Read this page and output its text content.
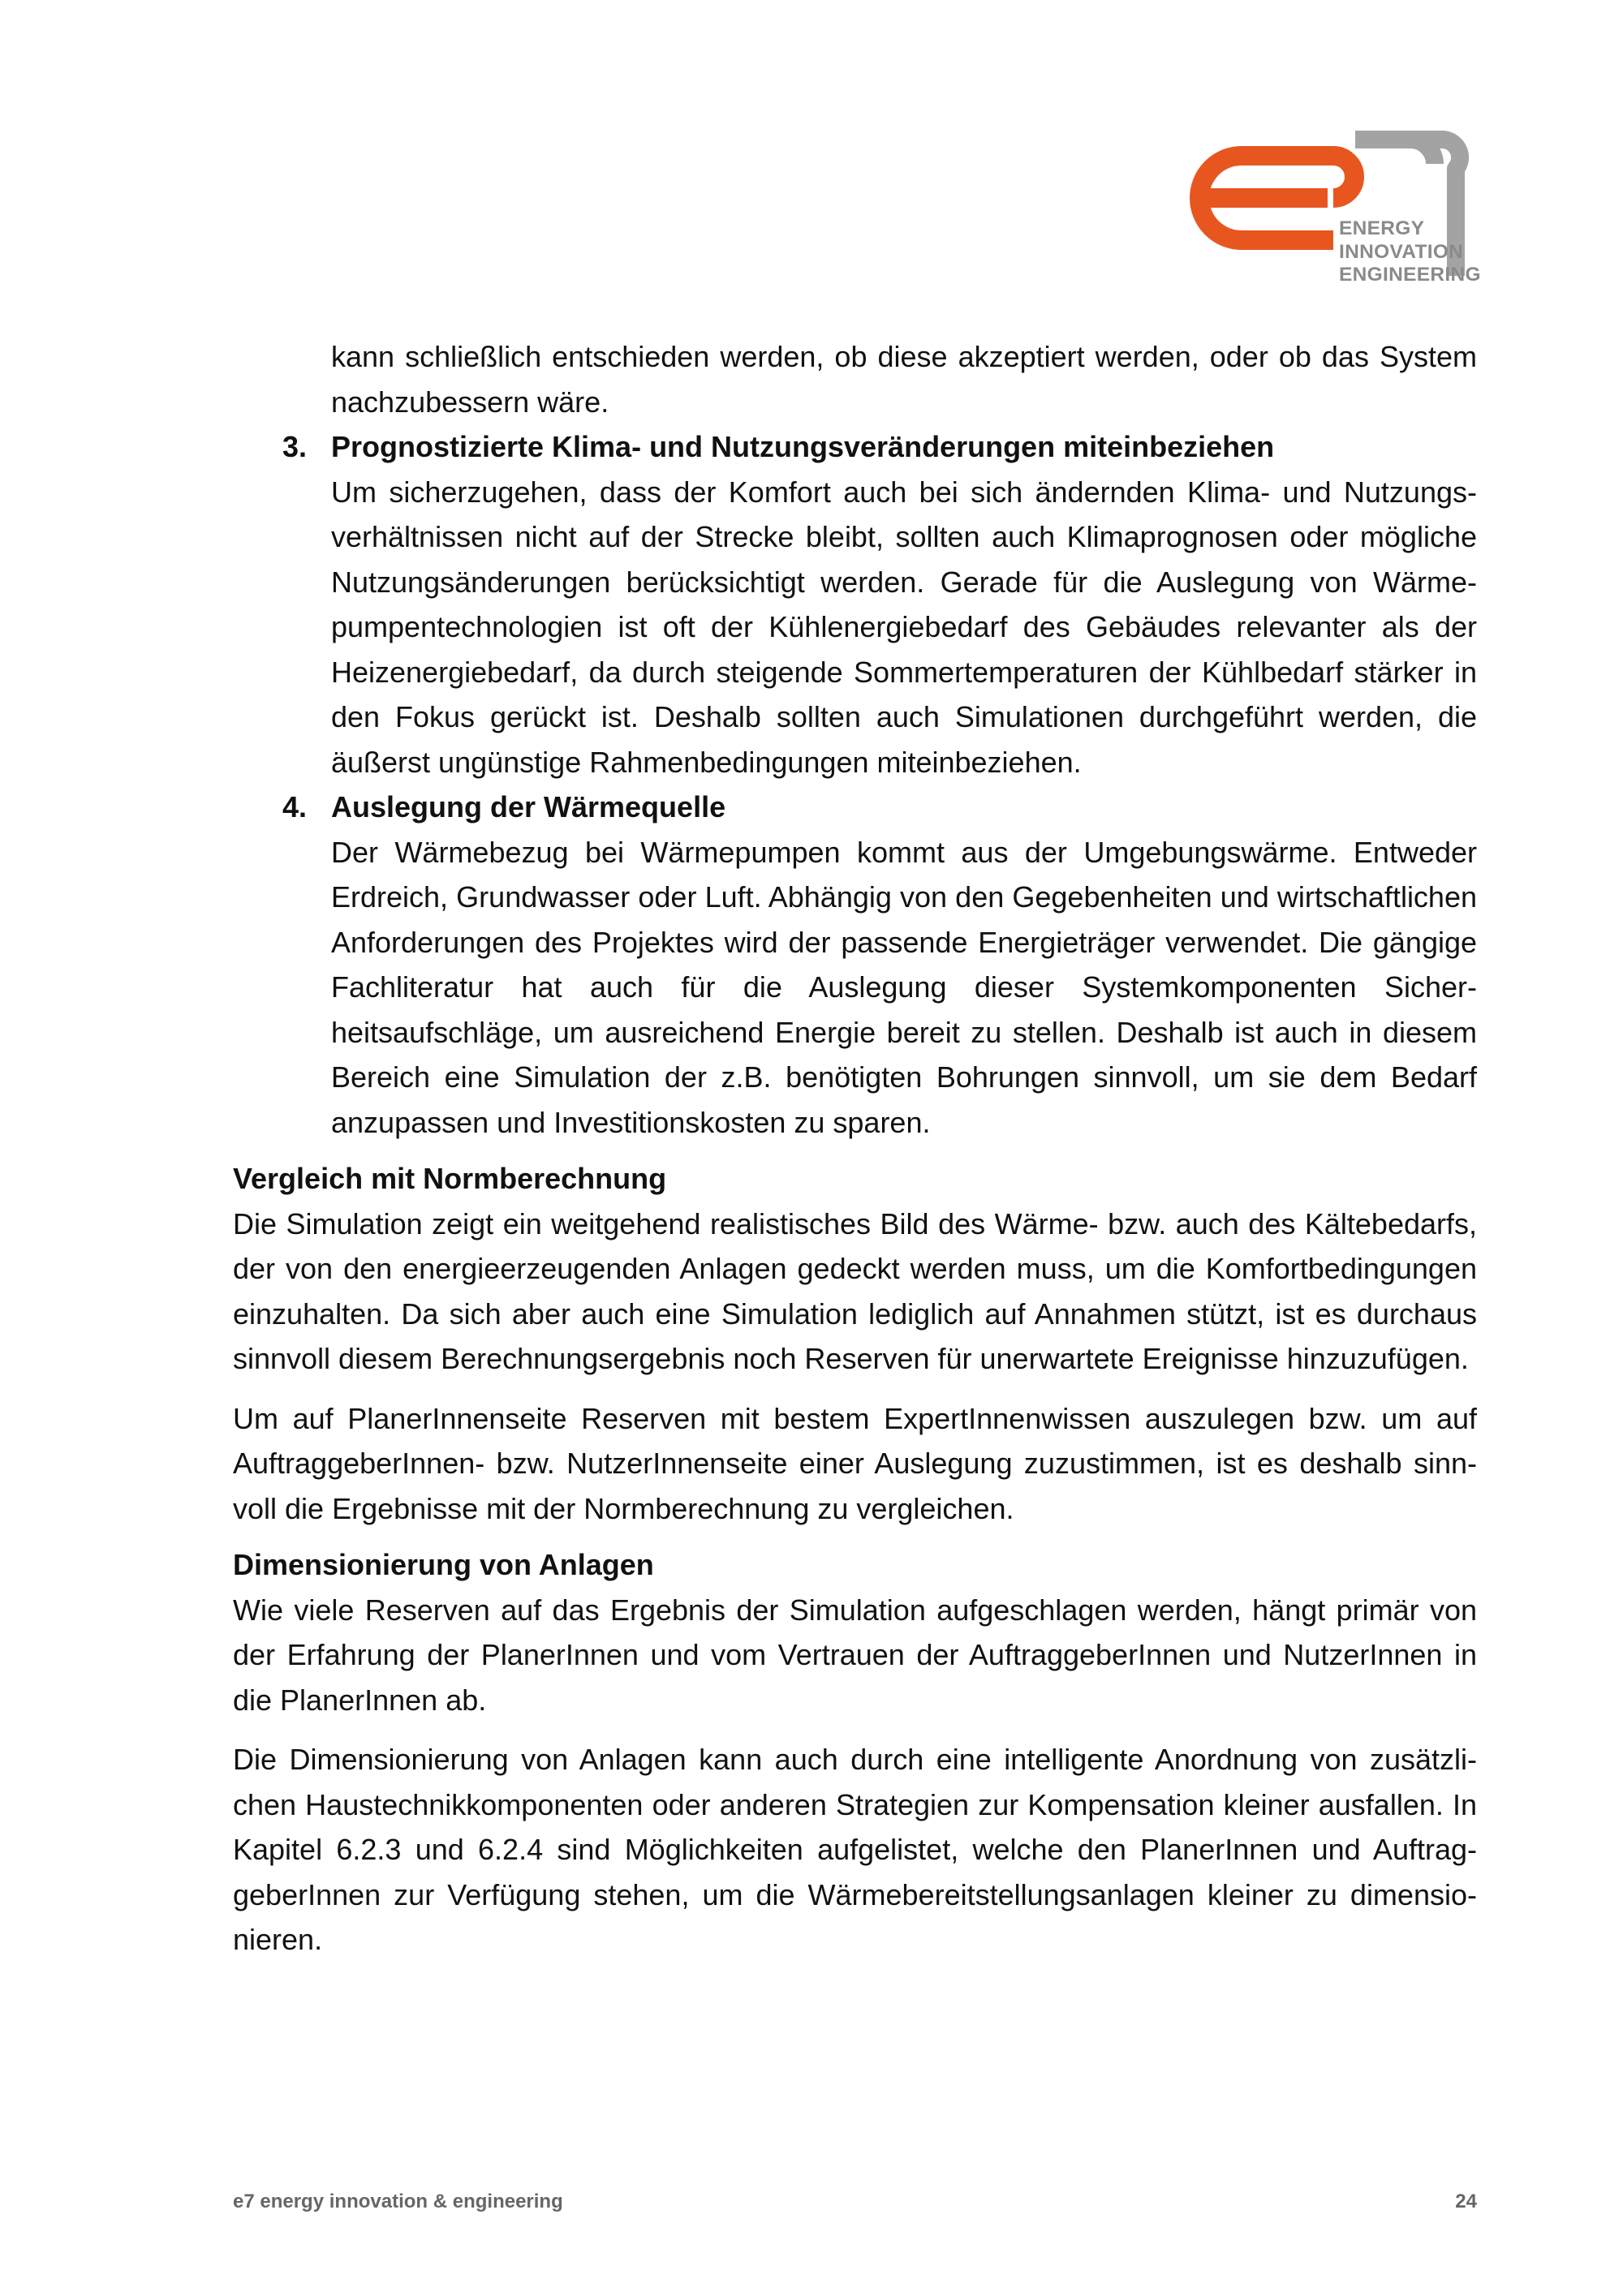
ENERGY
INNOVATION
ENGINEERING

kann schließlich entschieden werden, ob diese akzeptiert werden, oder ob das System nachzubessern wäre.

3. Prognostizierte Klima- und Nutzungsveränderungen miteinbeziehen

Um sicherzugehen, dass der Komfort auch bei sich ändernden Klima- und Nutzungsverhältnissen nicht auf der Strecke bleibt, sollten auch Klimaprognosen oder mögliche Nutzungsänderungen berücksichtigt werden. Gerade für die Auslegung von Wärmepumpentechnologien ist oft der Kühlenergiebedarf des Gebäudes relevanter als der Heizenergiebedarf, da durch steigende Sommertemperaturen der Kühlbedarf stärker in den Fokus gerückt ist. Deshalb sollten auch Simulationen durchgeführt werden, die äußerst ungünstige Rahmenbedingungen miteinbeziehen.

4. Auslegung der Wärmequelle

Der Wärmebezug bei Wärmepumpen kommt aus der Umgebungswärme. Entweder Erdreich, Grundwasser oder Luft. Abhängig von den Gegebenheiten und wirtschaftlichen Anforderungen des Projektes wird der passende Energieträger verwendet. Die gängige Fachliteratur hat auch für die Auslegung dieser Systemkomponenten Sicherheitsaufschläge, um ausreichend Energie bereit zu stellen. Deshalb ist auch in diesem Bereich eine Simulation der z.B. benötigten Bohrungen sinnvoll, um sie dem Bedarf anzupassen und Investitionskosten zu sparen.

Vergleich mit Normberechnung

Die Simulation zeigt ein weitgehend realistisches Bild des Wärme- bzw. auch des Kältebedarfs, der von den energieerzeugenden Anlagen gedeckt werden muss, um die Komfortbedingungen einzuhalten. Da sich aber auch eine Simulation lediglich auf Annahmen stützt, ist es durchaus sinnvoll diesem Berechnungsergebnis noch Reserven für unerwartete Ereignisse hinzuzufügen.

Um auf PlanerInnenseite Reserven mit bestem ExpertInnenwissen auszulegen bzw. um auf AuftraggeberInnen- bzw. NutzerInnenseite einer Auslegung zuzustimmen, ist es deshalb sinnvoll die Ergebnisse mit der Normberechnung zu vergleichen.

Dimensionierung von Anlagen

Wie viele Reserven auf das Ergebnis der Simulation aufgeschlagen werden, hängt primär von der Erfahrung der PlanerInnen und vom Vertrauen der AuftraggeberInnen und NutzerInnen in die PlanerInnen ab.

Die Dimensionierung von Anlagen kann auch durch eine intelligente Anordnung von zusätzlichen Haustechnikkomponenten oder anderen Strategien zur Kompensation kleiner ausfallen. In Kapitel 6.2.3 und 6.2.4 sind Möglichkeiten aufgelistet, welche den PlanerInnen und AuftraggeberInnen zur Verfügung stehen, um die Wärmebereitstellungsanlagen kleiner zu dimensionieren.

e7 energy innovation & engineering	24
